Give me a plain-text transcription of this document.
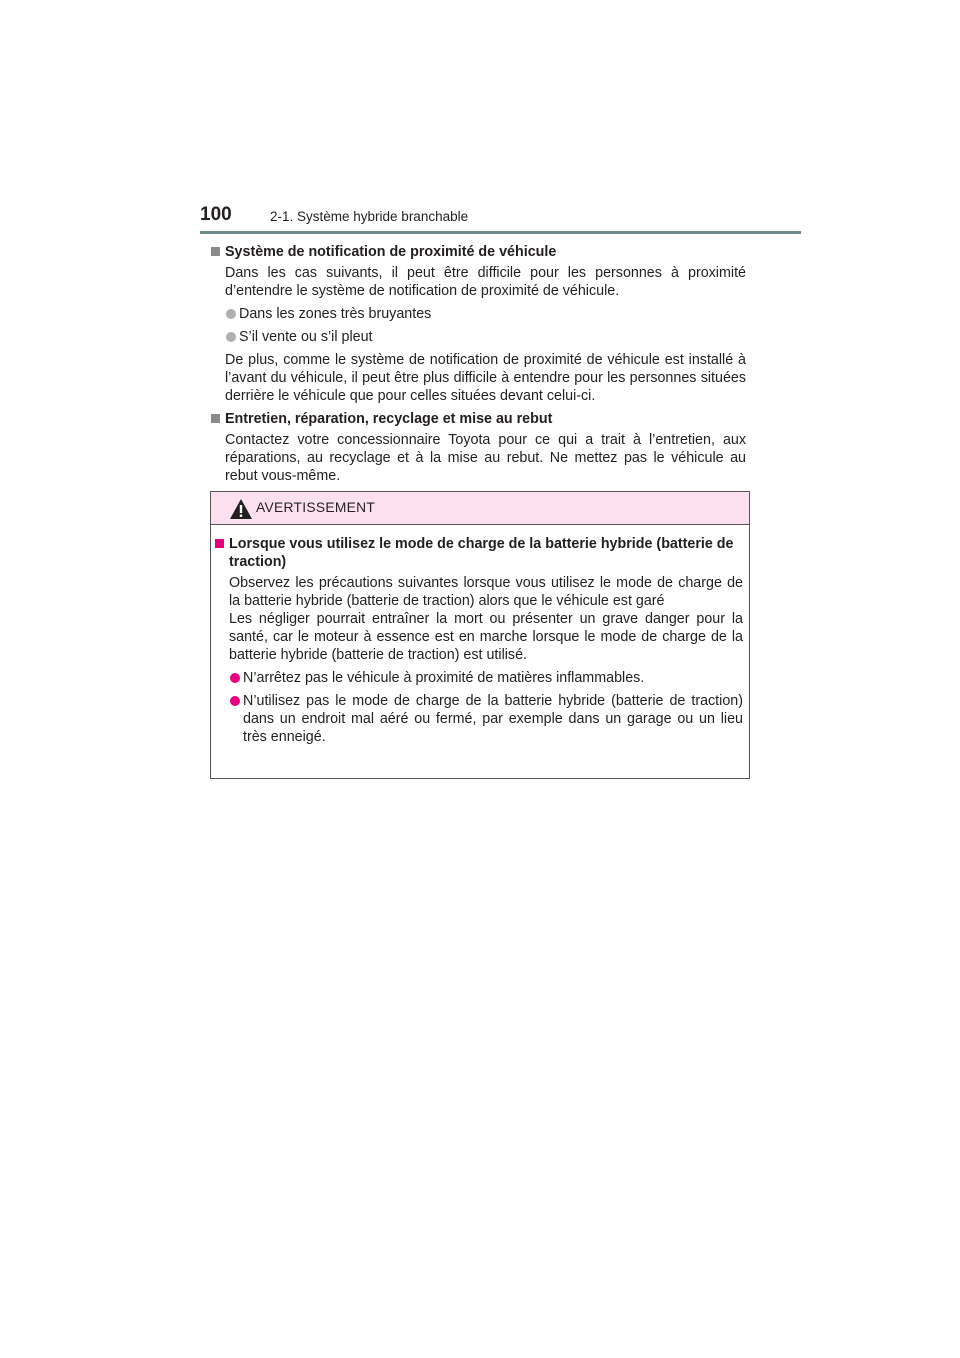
100	2-1. Système hybride branchable
Système de notification de proximité de véhicule
Dans les cas suivants, il peut être difficile pour les personnes à proximité d’entendre le système de notification de proximité de véhicule.
Dans les zones très bruyantes
S’il vente ou s’il pleut
De plus, comme le système de notification de proximité de véhicule est installé à l’avant du véhicule, il peut être plus difficile à entendre pour les personnes situées derrière le véhicule que pour celles situées devant celui-ci.
Entretien, réparation, recyclage et mise au rebut
Contactez votre concessionnaire Toyota pour ce qui a trait à l’entretien, aux réparations, au recyclage et à la mise au rebut. Ne mettez pas le véhicule au rebut vous-même.
AVERTISSEMENT
Lorsque vous utilisez le mode de charge de la batterie hybride (batterie de traction)
Observez les précautions suivantes lorsque vous utilisez le mode de charge de la batterie hybride (batterie de traction) alors que le véhicule est garé
Les négliger pourrait entraîner la mort ou présenter un grave danger pour la santé, car le moteur à essence est en marche lorsque le mode de charge de la batterie hybride (batterie de traction) est utilisé.
N’arrêtez pas le véhicule à proximité de matières inflammables.
N’utilisez pas le mode de charge de la batterie hybride (batterie de traction) dans un endroit mal aéré ou fermé, par exemple dans un garage ou un lieu très enneigé.
